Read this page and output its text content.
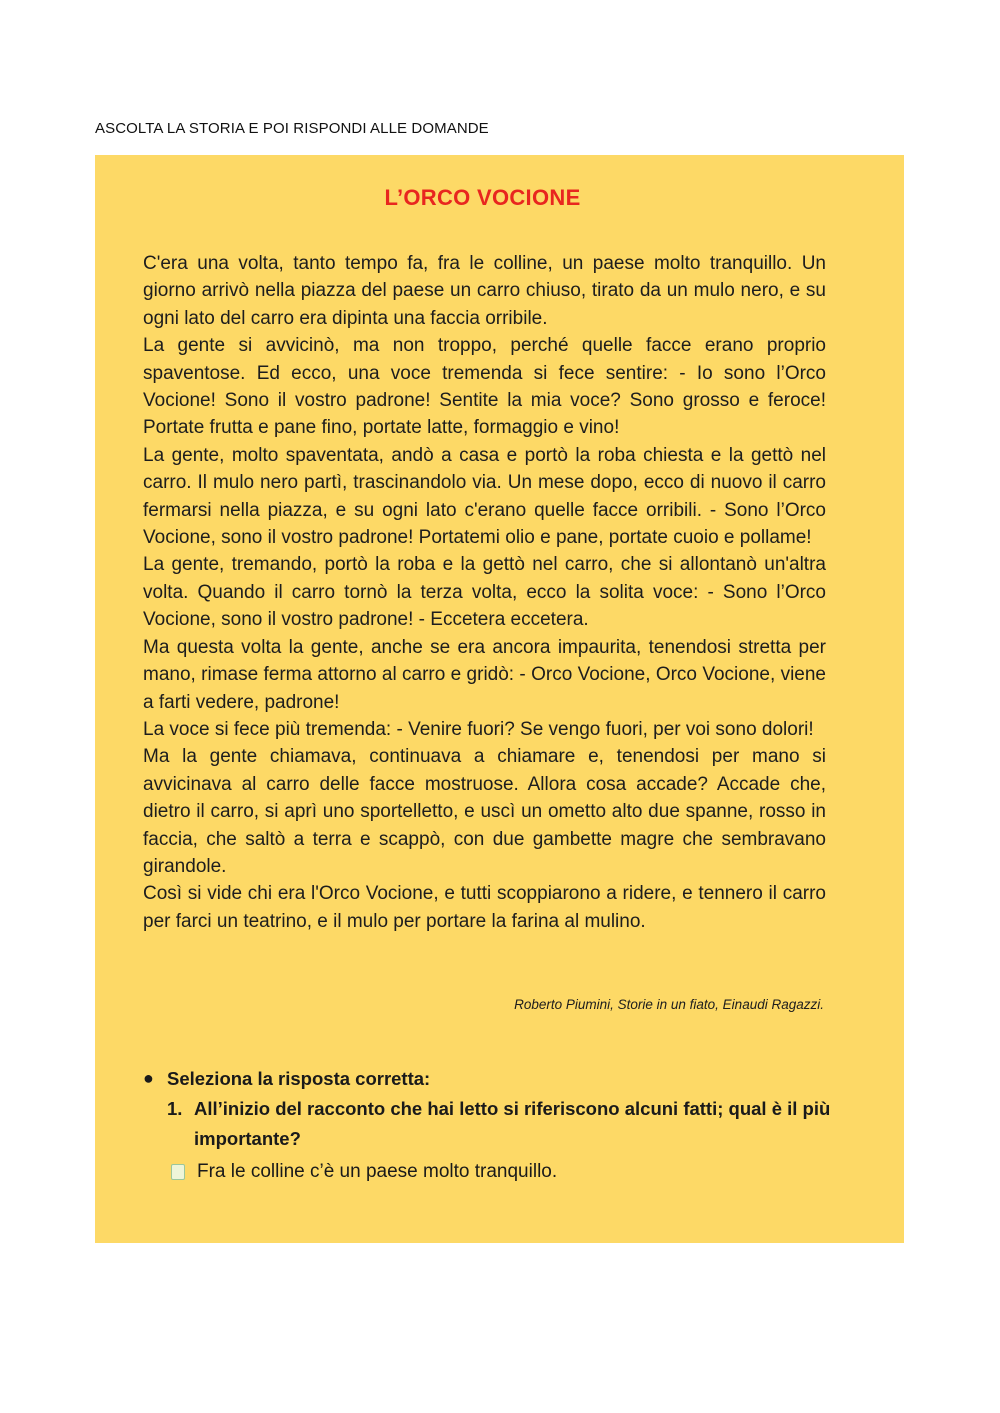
ASCOLTA LA STORIA E POI RISPONDI ALLE DOMANDE
L’ORCO VOCIONE

C'era una volta, tanto tempo fa, fra le colline, un paese molto tranquillo. Un giorno arrivò nella piazza del paese un carro chiuso, tirato da un mulo nero, e su ogni lato del carro era dipinta una faccia orribile.

La gente si avvicinò, ma non troppo, perché quelle facce erano proprio spaventose. Ed ecco, una voce tremenda si fece sentire: - Io sono l’Orco Vocione! Sono il vostro padrone! Sentite la mia voce? Sono grosso e feroce! Portate frutta e pane fino, portate latte, formaggio e vino!

La gente, molto spaventata, andò a casa e portò la roba chiesta e la gettò nel carro. Il mulo nero partì, trascinandolo via. Un mese dopo, ecco di nuovo il carro fermarsi nella piazza, e su ogni lato c'erano quelle facce orribili. - Sono l’Orco Vocione, sono il vostro padrone! Portatemi olio e pane, portate cuoio e pollame!

La gente, tremando, portò la roba e la gettò nel carro, che si allontanò un'altra volta. Quando il carro tornò la terza volta, ecco la solita voce: - Sono l’Orco Vocione, sono il vostro padrone! - Eccetera eccetera.

Ma questa volta la gente, anche se era ancora impaurita, tenendosi stretta per mano, rimase ferma attorno al carro e gridò: - Orco Vocione, Orco Vocione, viene a farti vedere, padrone!

La voce si fece più tremenda: - Venire fuori? Se vengo fuori, per voi sono dolori!

Ma la gente chiamava, continuava a chiamare e, tenendosi per mano si avvicinava al carro delle facce mostruose. Allora cosa accade? Accade che, dietro il carro, si aprì uno sportelletto, e uscì un ometto alto due spanne, rosso in faccia, che saltò a terra e scappò, con due gambette magre che sembravano girandole.

Così si vide chi era l'Orco Vocione, e tutti scoppiarono a ridere, e tennero il carro per farci un teatrino, e il mulo per portare la farina al mulino.

Roberto Piumini, Storie in un fiato, Einaudi Ragazzi.
● Seleziona la risposta corretta:
1. All’inizio del racconto che hai letto si riferiscono alcuni fatti; qual è il più importante?
Fra le colline c’è un paese molto tranquillo.
